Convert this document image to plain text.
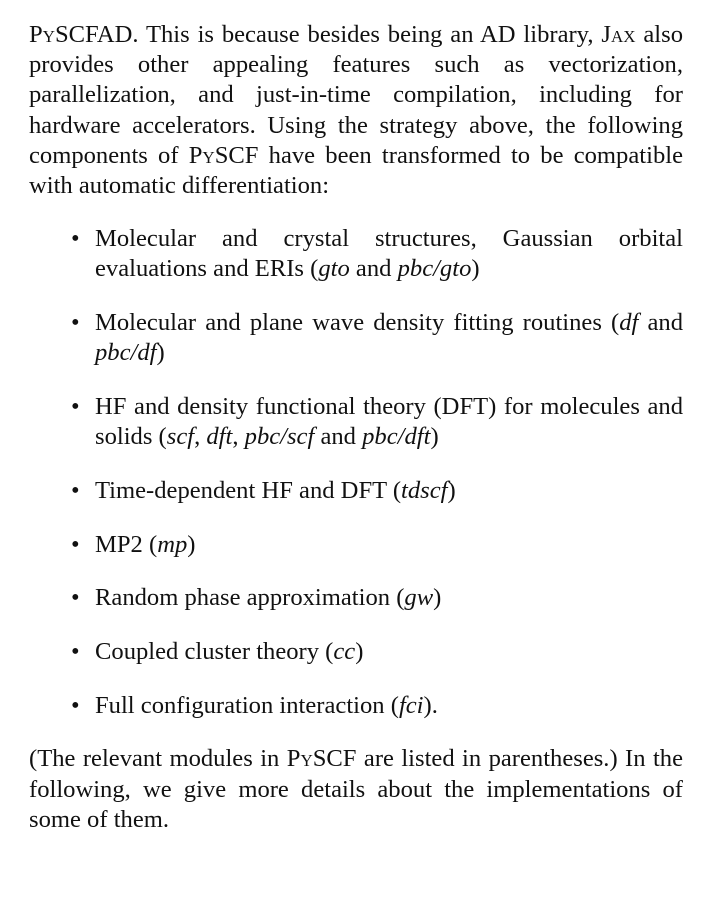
PySCFAD. This is because besides being an AD library, Jax also provides other appealing features such as vectorization, parallelization, and just-in-time compilation, including for hardware accelerators. Using the strategy above, the following components of PySCF have been transformed to be compatible with automatic differentiation:

• Molecular and crystal structures, Gaussian orbital evaluations and ERIs (gto and pbc/gto)
• Molecular and plane wave density fitting routines (df and pbc/df)
• HF and density functional theory (DFT) for molecules and solids (scf, dft, pbc/scf and pbc/dft)
• Time-dependent HF and DFT (tdscf)
• MP2 (mp)
• Random phase approximation (gw)
• Coupled cluster theory (cc)
• Full configuration interaction (fci).

(The relevant modules in PySCF are listed in parentheses.) In the following, we give more details about the implementations of some of them.
